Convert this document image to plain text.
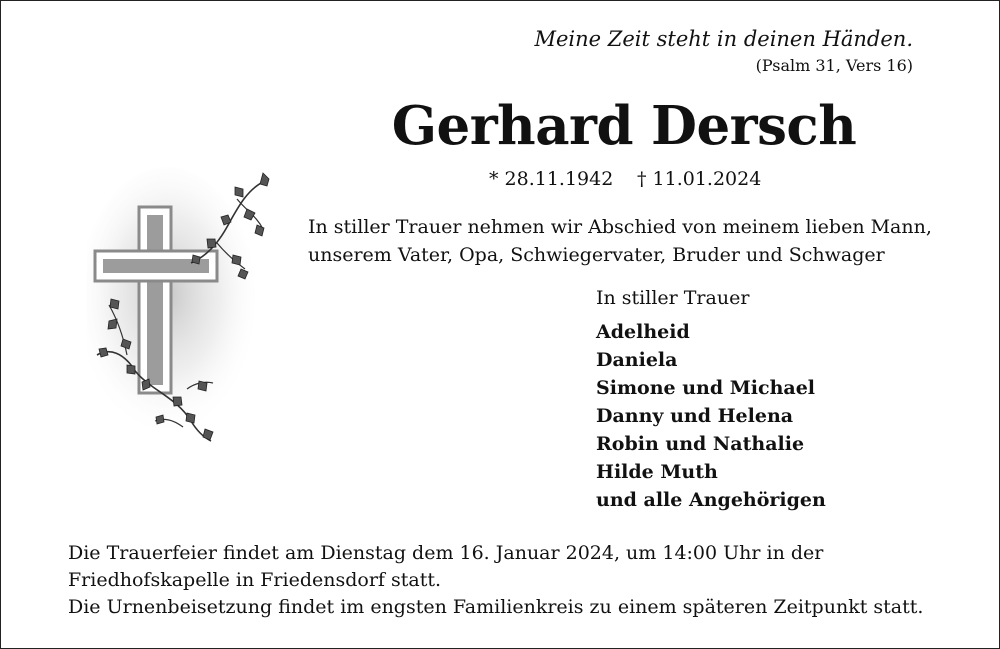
Meine Zeit steht in deinen Händen.
(Psalm 31, Vers 16)
Gerhard Dersch
* 28.11.1942 † 11.01.2024
In stiller Trauer nehmen wir Abschied von meinem lieben Mann,
unserem Vater, Opa, Schwiegervater, Bruder und Schwager
In stiller Trauer
Adelheid
Daniela
Simone und Michael
Danny und Helena
Robin und Nathalie
Hilde Muth
und alle Angehörigen
Die Trauerfeier findet am Dienstag dem 16. Januar 2024, um 14:00 Uhr in der
Friedhofskapelle in Friedensdorf statt.
Die Urnenbeisetzung findet im engsten Familienkreis zu einem späteren Zeitpunkt statt.
